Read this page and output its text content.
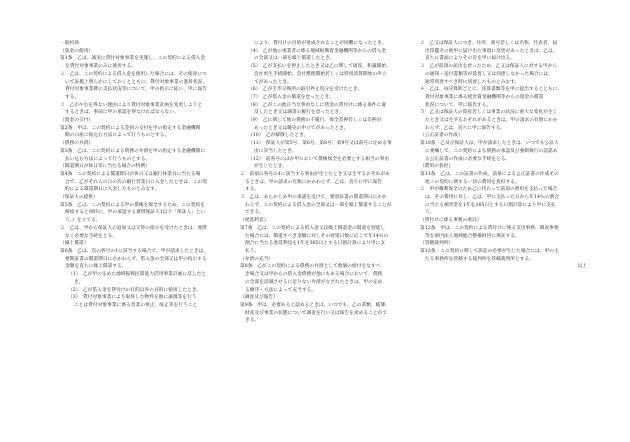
一般約款
（資金の使用）
第1条　乙は、誠実に貸付対象事業を実施し、この契約による借入金
を貸付対象事業のみに使用する。
２　乙は、この契約による借入金を使用した場合には、その使途につ
いて証拠上明らかにしておくとともに、貸付対象事業の進捗状況、
貸付対象事業費の支払状況等について、甲の指示に従い、甲に報告
する。
３　乙がやむを得ない理由により貸付対象事業計画を変更しようと
するときは、事前に甲の承認を得なければならない。
（資金の交付）
第2条　甲は、この契約による金員の交付を甲の指定する金融機関
開の口座に振込む方法によって行うものとする。
（債務の弁済）
第3条　乙は、この契約による債務の弁済を甲の指定する金融機関に
払い込む方法によって行うものとする。
（償還期日が休日等に当たる場合の特例）
第4条　この契約による償還期日が休日又は銀行休業日に当たる場
合で、乙がそれらの日の次の銀行営業日に入金したときは、この契
約による償還期日に入金したものとみなす。
（保証人の提供）
第5条　乙は、この契約による甲の債権を保全するため、この契約を
締結すると同時に、甲の承認する連帯保証人1以下「保証人」とい
う。）を立てる。
２　乙は、甲から保証人の追加又は交替の指示を受けたときは、遅滞
なく必要な手続をとる。
（繰上償還）
第6条　乙は、次の各号の1に該当する場合で、甲が請求したときは、
要期証書の償還期日にかかわらず、借入金の全部又は甲の指示する
金額を直ちに繰上償還する。
（1）　乙が甲の定めた地域振興民間能力活用事業計画に反したと
き。
（2）　乙が借入金を貸付けの目的以外の目的に使用したとき。
（3）　貸付対象事業により取得した物件を他に譲渡等を行う
ことは貸付対象事業に係る営業の休止、廃止等を行うこと
により、貸付けの目的が達成されることが困難になったとき。
（4）　乙が他の事業者に係る地域振興資金融機関等からの借入金
の全部又は一部を繰上償還したとき。
（5）　乙が支払いを停止したとき又は乙に関して破産、和議開始、
会社更生手続開始、会社整理開始若しくは特別清算開始の申立
てがあったとき。
（6）　乙が手形交換所の取引停止処分を受けたとき。
（7）　乙が借入金の償還を怠ったとき。
（8）　乙がこの他正当な事由なしに貸金の貸付けに係る条件に違
反したとき又は調書の履行を怠ったとき。
（9）　乙に関して他の債務の不履行、保全差押若しくは差押が
あったとき又は競売の申立てがあったとき。
（10）　乙が解散したとき。
（11）　保証人が第5号、第6号、第8号、第9号又は前号に定める事
由に該当したとき。
（12）　前各号のほか甲において債権保全を必要とする相当の事由
が生じたとき。
２　前項の各号の1に該当する事由が生じたとき又は生ずるおそれがあ
るときは、甲の請求の有無にかかわらず、乙は、直ちに甲に報告
する。
３　乙は、あらかじめ甲の承諾を受けて、要項証書の償還期日にかか
わらず、この契約による借入金の全部又は一部を繰上償還することが
できる。
（遅延利息）
第7条　乙は、この契約による借入金又は繰上償還金の償還を遅延し
た場合には、償還すべき金額に対しその遅延日数に応じて年14％の
割合に当たる遅延利息を1年を365日とする日割計算により甲に支
払う。
（弁済の充当）
第8条　乙がこの契約による債務の弁済として数個の給付をなすべ
き場合又は甲からの借入金債務が他にもある場合において、債務
の全部を消滅させるに足りない弁済がなされたときは、甲の定め
る順序・方法によって充当する。
（調査及び報告）
第9条　甲は、必要あると認めるときは、いつでも、乙の書類、帳簿、
財産及び事業の状態について調査を行い又は報告を求めることがで
きる。
２　乙又は保証人につき、住所、商号若しくは名称、代表者、届
出印鑑その他甲に届け出た事項に変更があったときは、乙は、
直ちに書面によりその旨を甲に届け出る。
３　乙が前項の届出を怠ったため、乙又は保証人に対する甲から
の通知・送付書類等が延着し又は到達しなかった場合には、
通常到達すべき時に到達したものとみなす。
４　乙は、毎決算期ごとに、決算書類等を甲に提出するとともに、
貸付対象事業に係る経営資金融機関等からの資金の償還
状況について、甲に報告する。
５　乙又は保証人の資産若しくは事業の状況に重大な変化が生じ
たとき又は生ずるおそれがあるときは、甲の請求の有無にかか
わらず、乙は、直ちに甲に報告する。
（公正証書の作成）
第10条　乙及び保証人は、甲が請求したときは、いつでも公証人
に委嘱して、この契約による債務の承認及び強制執行の認諾あ
る公正証書の作成に必要な手続をとる。
（費用の負担）
第11条　乙は、この証書の作成、前条による公正証書の作成その
他この契約に関する一切の費用を負担する。
２　甲が権利保全のため乙に代わって前項の費用を支払った場合
は、その費用に対し、乙は、甲に支払った日から年14％の割合
に当たる損害金を1年を365日とする日割計算により甲に支払
う。
（貸付けに係る事務の委託）
第12条　甲は、この契約による貸付けに係る支出事務、徴収事務
等を財団法人地域総合整備財団に委託する。
（管轄裁判所）
第13条　この契約に関して訴訟の必要が生じた場合には、甲の主
たる事務所を管轄する裁判所を管轄裁判所とする。
以上
